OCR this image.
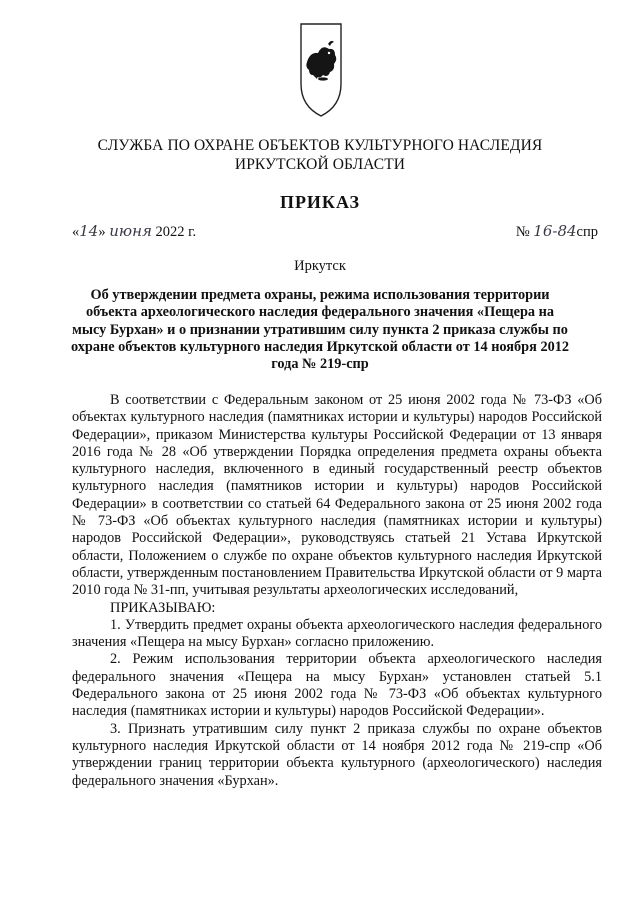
СЛУЖБА ПО ОХРАНЕ ОБЪЕКТОВ КУЛЬТУРНОГО НАСЛЕДИЯ
ИРКУТСКОЙ ОБЛАСТИ
ПРИКАЗ
«14» июня 2022 г.	№ 16-84спр
Иркутск
Об утверждении предмета охраны, режима использования территории объекта археологического наследия федерального значения «Пещера на мысу Бурхан» и о признании утратившим силу пункта 2 приказа службы по охране объектов культурного наследия Иркутской области от 14 ноября 2012 года № 219-спр

В соответствии с Федеральным законом от 25 июня 2002 года № 73-ФЗ «Об объектах культурного наследия (памятниках истории и культуры) народов Российской Федерации», приказом Министерства культуры Российской Федерации от 13 января 2016 года № 28 «Об утверждении Порядка определения предмета охраны объекта культурного наследия, включенного в единый государственный реестр объектов культурного наследия (памятников истории и культуры) народов Российской Федерации» в соответствии со статьей 64 Федерального закона от 25 июня 2002 года № 73-ФЗ «Об объектах культурного наследия (памятниках истории и культуры) народов Российской Федерации», руководствуясь статьей 21 Устава Иркутской области, Положением о службе по охране объектов культурного наследия Иркутской области, утвержденным постановлением Правительства Иркутской области от 9 марта 2010 года № 31-пп, учитывая результаты археологических исследований,

ПРИКАЗЫВАЮ:

1. Утвердить предмет охраны объекта археологического наследия федерального значения «Пещера на мысу Бурхан» согласно приложению.

2. Режим использования территории объекта археологического наследия федерального значения «Пещера на мысу Бурхан» установлен статьей 5.1 Федерального закона от 25 июня 2002 года № 73-ФЗ «Об объектах культурного наследия (памятниках истории и культуры) народов Российской Федерации».

3. Признать утратившим силу пункт 2 приказа службы по охране объектов культурного наследия Иркутской области от 14 ноября 2012 года № 219-спр «Об утверждении границ территории объекта культурного (археологического) наследия федерального значения «Бурхан».
